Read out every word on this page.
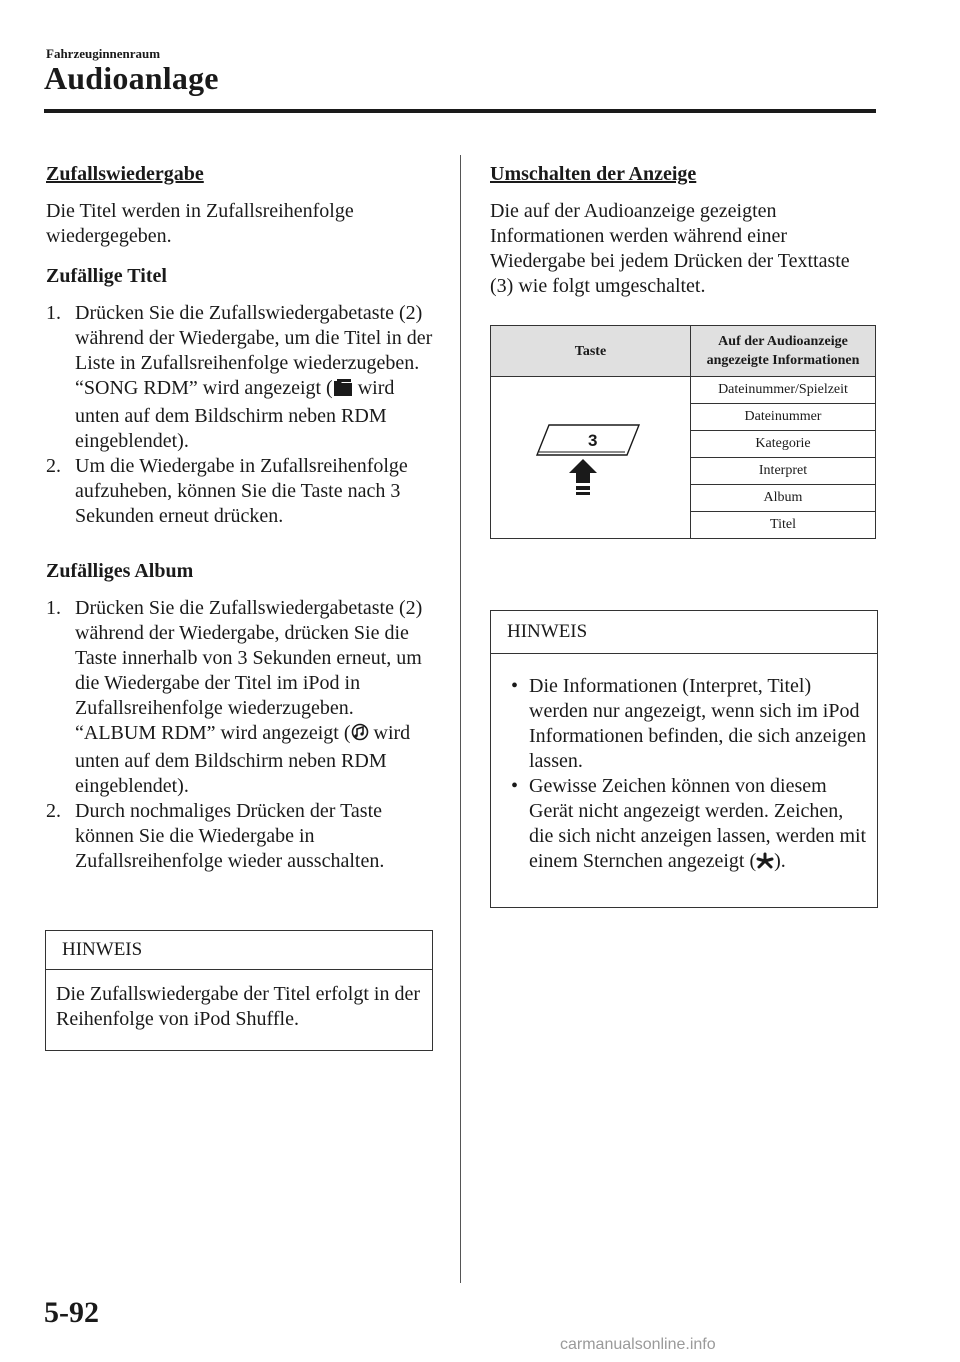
Fahrzeuginnenraum
Audioanlage

Zufallswiedergabe

Die Titel werden in Zufallsreihenfolge wiedergegeben.

Zufällige Titel

1. Drücken Sie die Zufallswiedergabetaste (2) während der Wiedergabe, um die Titel in der Liste in Zufallsreihenfolge wiederzugeben. “SONG RDM” wird angezeigt ( wird unten auf dem Bildschirm neben RDM eingeblendet).
2. Um die Wiedergabe in Zufallsreihenfolge aufzuheben, können Sie die Taste nach 3 Sekunden erneut drücken.

Zufälliges Album

1. Drücken Sie die Zufallswiedergabetaste (2) während der Wiedergabe, drücken Sie die Taste innerhalb von 3 Sekunden erneut, um die Wiedergabe der Titel im iPod in Zufallsreihenfolge wiederzugeben. “ALBUM RDM” wird angezeigt ( wird unten auf dem Bildschirm neben RDM eingeblendet).
2. Durch nochmaliges Drücken der Taste können Sie die Wiedergabe in Zufallsreihenfolge wieder ausschalten.
HINWEIS
Die Zufallswiedergabe der Titel erfolgt in der Reihenfolge von iPod Shuffle.

Umschalten der Anzeige

Die auf der Audioanzeige gezeigten Informationen werden während einer Wiedergabe bei jedem Drücken der Texttaste (3) wie folgt umgeschaltet.

Taste	Auf der Audioanzeige angezeigte Informationen

3	Dateinummer/Spielzeit
	Dateinummer
	Kategorie
	Interpret
	Album
	Titel
HINWEIS
• Die Informationen (Interpret, Titel) werden nur angezeigt, wenn sich im iPod Informationen befinden, die sich anzeigen lassen.
• Gewisse Zeichen können von diesem Gerät nicht angezeigt werden. Zeichen, die sich nicht anzeigen lassen, werden mit einem Sternchen angezeigt ( ).
5-92
carmanualsonline.info
